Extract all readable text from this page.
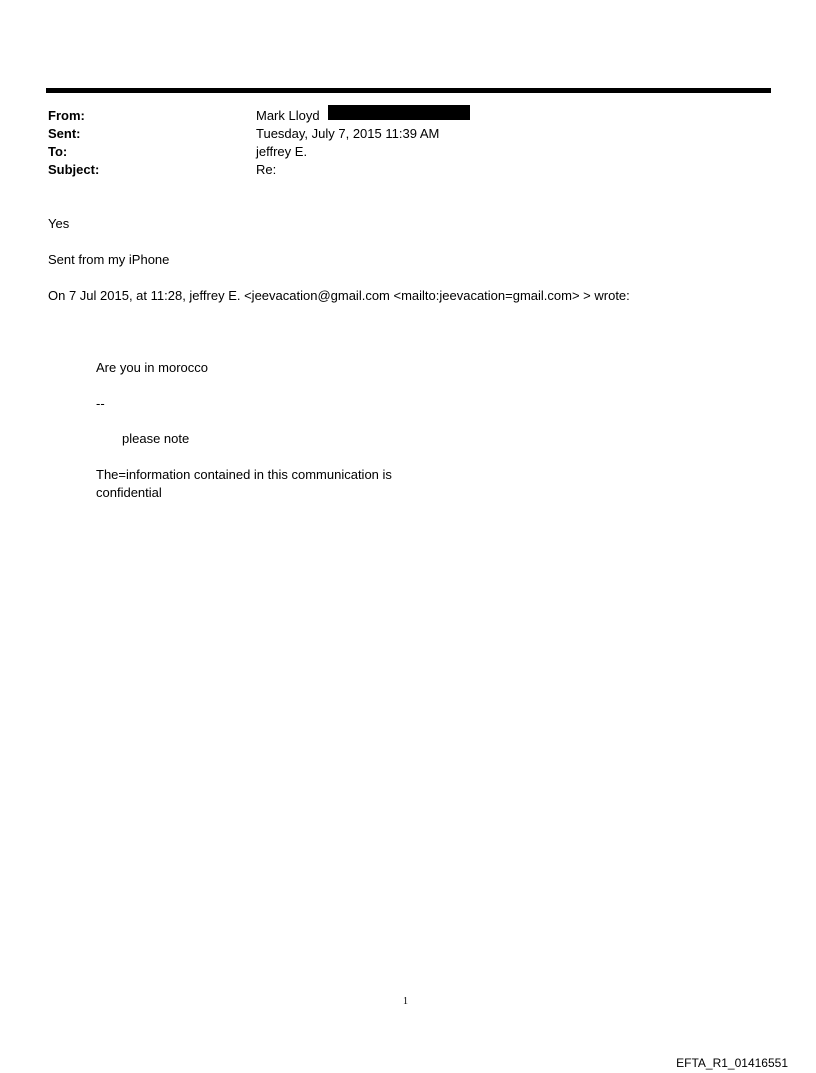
From:	Mark Lloyd
Sent:	Tuesday, July 7, 2015 11:39 AM
To:	jeffrey E.
Subject:	Re:
Yes
Sent from my iPhone
On 7 Jul 2015, at 11:28, jeffrey E. <jeevacation@gmail.com <mailto:jeevacation=gmail.com> > wrote:
Are you in morocco
--
please note
The=information contained in this communication is
confidential
1
EFTA_R1_01416551
